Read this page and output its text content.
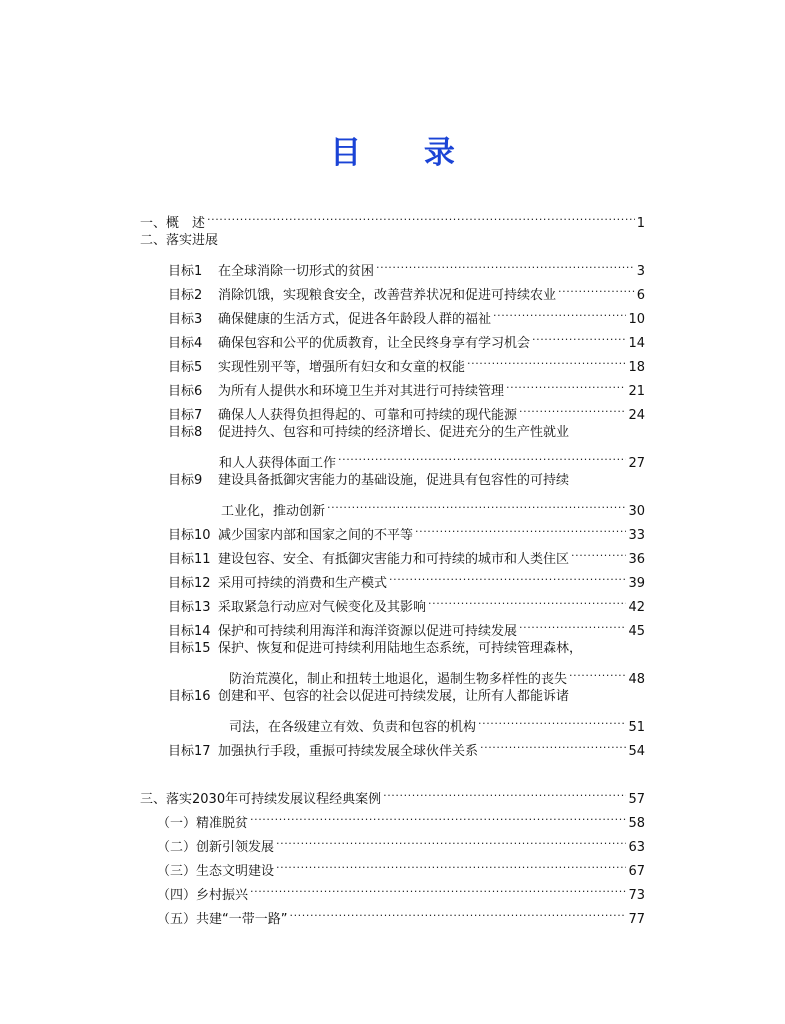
目 录
一、概　述 .....	1
二、落实进展
目标1	在全球消除一切形式的贫困 .....	3
目标2	消除饥饿，实现粮食安全，改善营养状况和促进可持续农业 .....	6
目标3	确保健康的生活方式，促进各年龄段人群的福祉 .....	10
目标4	确保包容和公平的优质教育，让全民终身享有学习机会 .....	14
目标5	实现性别平等，增强所有妇女和女童的权能 .....	18
目标6	为所有人提供水和环境卫生并对其进行可持续管理 .....	21
目标7	确保人人获得负担得起的、可靠和可持续的现代能源 .....	24
目标8	促进持久、包容和可持续的经济增长、促进充分的生产性就业
和人人获得体面工作 .....	27
目标9	建设具备抵御灾害能力的基础设施，促进具有包容性的可持续
工业化，推动创新 .....	30
目标10 减少国家内部和国家之间的不平等 .....	33
目标11 建设包容、安全、有抵御灾害能力和可持续的城市和人类住区 .....	36
目标12 采用可持续的消费和生产模式 .....	39
目标13 采取紧急行动应对气候变化及其影响 .....	42
目标14 保护和可持续利用海洋和海洋资源以促进可持续发展 .....	45
目标15 保护、恢复和促进可持续利用陆地生态系统，可持续管理森林，
防治荒漠化，制止和扭转土地退化，遏制生物多样性的丧失 .....	48
目标16 创建和平、包容的社会以促进可持续发展，让所有人都能诉诸
司法，在各级建立有效、负责和包容的机构 .....	51
目标17 加强执行手段，重振可持续发展全球伙伴关系 .....	54
三、落实2030年可持续发展议程经典案例 .....	57
（一）精准脱贫 .....	58
（二）创新引领发展 .....	63
（三）生态文明建设 .....	67
（四）乡村振兴 .....	73
（五）共建“一带一路” .....	77
